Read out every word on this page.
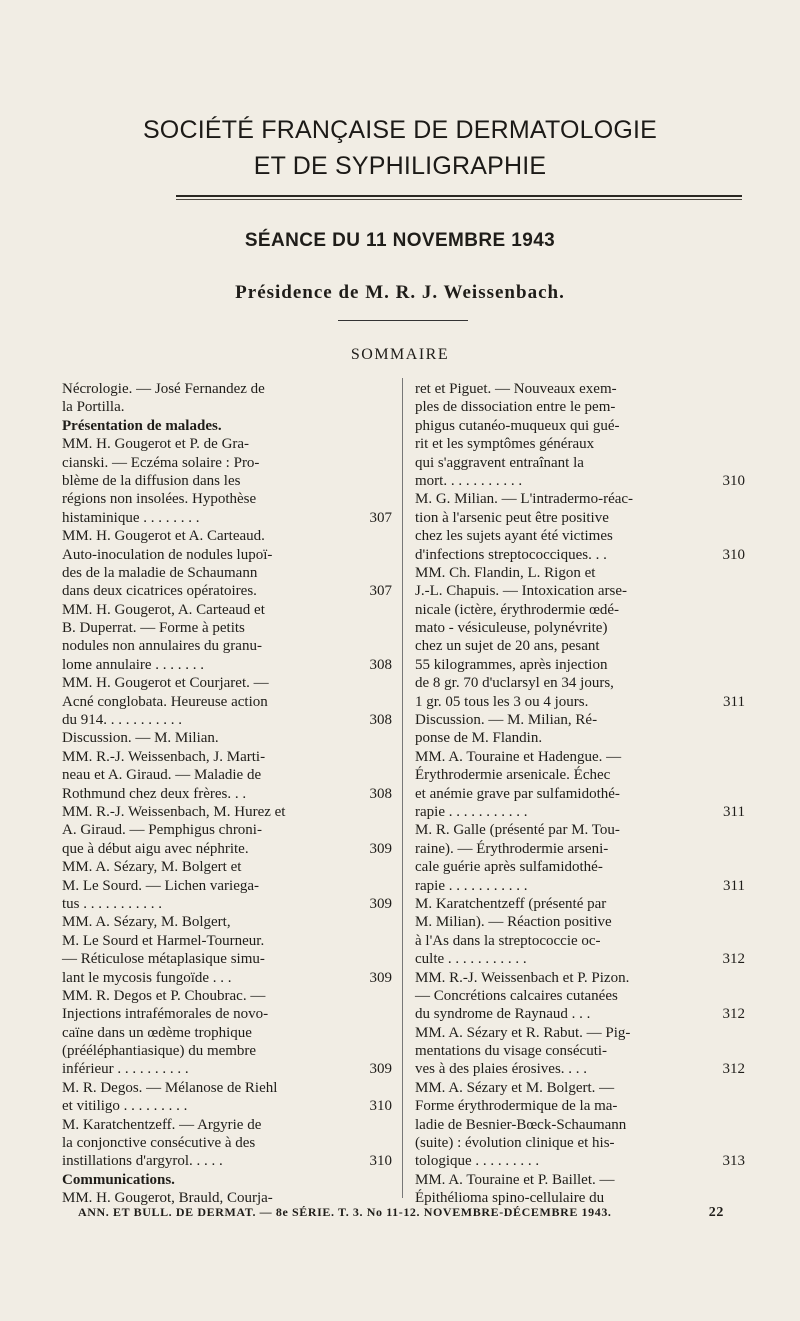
SOCIÉTÉ FRANÇAISE DE DERMATOLOGIE
ET DE SYPHILIGRAPHIE
SÉANCE DU 11 NOVEMBRE 1943
Présidence de M. R. J. Weissenbach.
SOMMAIRE
Nécrologie. — José Fernandez de
la Portilla.
Présentation de malades.
MM. H. Gougerot et P. de Gra-
cianski. — Eczéma solaire : Pro-
blème de la diffusion dans les
régions non insolées. Hypothèse
histaminique . . . . . . . .	307
MM. H. Gougerot et A. Carteaud.
Auto-inoculation de nodules lupoï-
des de la maladie de Schaumann
dans deux cicatrices opératoires.	307
MM. H. Gougerot, A. Carteaud et
B. Duperrat. — Forme à petits
nodules non annulaires du granu-
lome annulaire . . . . . . .	308
MM. H. Gougerot et Courjaret. —
Acné conglobata. Heureuse action
du 914. . . . . . . . . . .	308
Discussion. — M. Milian.
MM. R.-J. Weissenbach, J. Marti-
neau et A. Giraud. — Maladie de
Rothmund chez deux frères. . .	308
MM. R.-J. Weissenbach, M. Hurez et
A. Giraud. — Pemphigus chroni-
que à début aigu avec néphrite.	309
MM. A. Sézary, M. Bolgert et
M. Le Sourd. — Lichen variega-
tus . . . . . . . . . . .	309
MM. A. Sézary, M. Bolgert,
M. Le Sourd et Harmel-Tourneur.
— Réticulose métaplasique simu-
lant le mycosis fungoïde . . .	309
MM. R. Degos et P. Choubrac. —
Injections intrafémorales de novo-
caïne dans un œdème trophique
(prééléphantiasique) du membre
inférieur . . . . . . . . . .	309
M. R. Degos. — Mélanose de Riehl
et vitiligo . . . . . . . . .	310
M. Karatchentzeff. — Argyrie de
la conjonctive consécutive à des
instillations d'argyrol. . . . .	310
Communications.
MM. H. Gougerot, Brauld, Courja-
ret et Piguet. — Nouveaux exem-
ples de dissociation entre le pem-
phigus cutanéo-muqueux qui gué-
rit et les symptômes généraux
qui s'aggravent entraînant la
mort. . . . . . . . . . .	310
M. G. Milian. — L'intradermo-réac-
tion à l'arsenic peut être positive
chez les sujets ayant été victimes
d'infections streptococciques. . .	310
MM. Ch. Flandin, L. Rigon et
J.-L. Chapuis. — Intoxication arse-
nicale (ictère, érythrodermie œdé-
mato - vésiculeuse, polynévrite)
chez un sujet de 20 ans, pesant
55 kilogrammes, après injection
de 8 gr. 70 d'uclarsyl en 34 jours,
1 gr. 05 tous les 3 ou 4 jours.	311
Discussion. — M. Milian, Ré-
ponse de M. Flandin.
MM. A. Touraine et Hadengue. —
Érythrodermie arsenicale. Échec
et anémie grave par sulfamidothé-
rapie . . . . . . . . . . .	311
M. R. Galle (présenté par M. Tou-
raine). — Érythrodermie arseni-
cale guérie après sulfamidothé-
rapie . . . . . . . . . . .	311
M. Karatchentzeff (présenté par
M. Milian). — Réaction positive
à l'As dans la streptococcie oc-
culte . . . . . . . . . . .	312
MM. R.-J. Weissenbach et P. Pizon.
— Concrétions calcaires cutanées
du syndrome de Raynaud . . .	312
MM. A. Sézary et R. Rabut. — Pig-
mentations du visage consécuti-
ves à des plaies érosives. . . .	312
MM. A. Sézary et M. Bolgert. —
Forme érythrodermique de la ma-
ladie de Besnier-Bœck-Schaumann
(suite) : évolution clinique et his-
tologique . . . . . . . . .	313
MM. A. Touraine et P. Baillet. —
Épithélioma spino-cellulaire du
ANN. ET BULL. DE DERMAT. — 8e SÉRIE. T. 3. No 11-12. NOVEMBRE-DÉCEMBRE 1943.	22
